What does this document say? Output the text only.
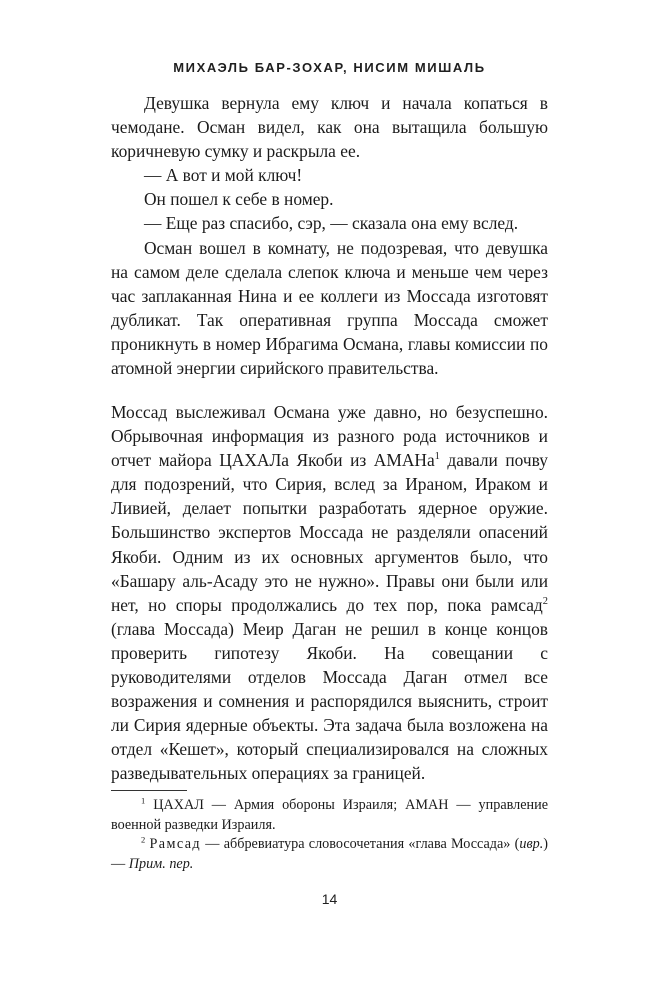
МИХАЭЛЬ БАР-ЗОХАР, НИСИМ МИШАЛЬ

Девушка вернула ему ключ и начала копаться в чемодане. Осман видел, как она вытащила большую коричневую сумку и раскрыла ее.

— А вот и мой ключ!

Он пошел к себе в номер.

— Еще раз спасибо, сэр, — сказала она ему вслед.

Осман вошел в комнату, не подозревая, что девушка на самом деле сделала слепок ключа и меньше чем через час заплаканная Нина и ее коллеги из Моссада изготовят дубликат. Так оперативная группа Моссада сможет проникнуть в номер Ибрагима Османа, главы комиссии по атомной энергии сирийского правительства.

Моссад выслеживал Османа уже давно, но безуспешно. Обрывочная информация из разного рода источников и отчет майора ЦАХАЛа Якоби из АМАНа$^1$ давали почву для подозрений, что Сирия, вслед за Ираном, Ираком и Ливией, делает попытки разработать ядерное оружие. Большинство экспертов Моссада не разделяли опасений Якоби. Одним из их основных аргументов было, что «Башару аль-Асаду это не нужно». Правы они были или нет, но споры продолжались до тех пор, пока рамсад$^2$ (глава Моссада) Меир Даган не решил в конце концов проверить гипотезу Якоби. На совещании с руководителями отделов Моссада Даган отмел все возражения и сомнения и распорядился выяснить, строит ли Сирия ядерные объекты. Эта задача была возложена на отдел «Кешет», который специализировался на сложных разведывательных операциях за границей.

$^1$ ЦАХАЛ — Армия обороны Израиля; АМАН — управление военной разведки Израиля.

$^2$ Рамсад — аббревиатура словосочетания «глава Моссада» (ивр.) — Прим. пер.

14
